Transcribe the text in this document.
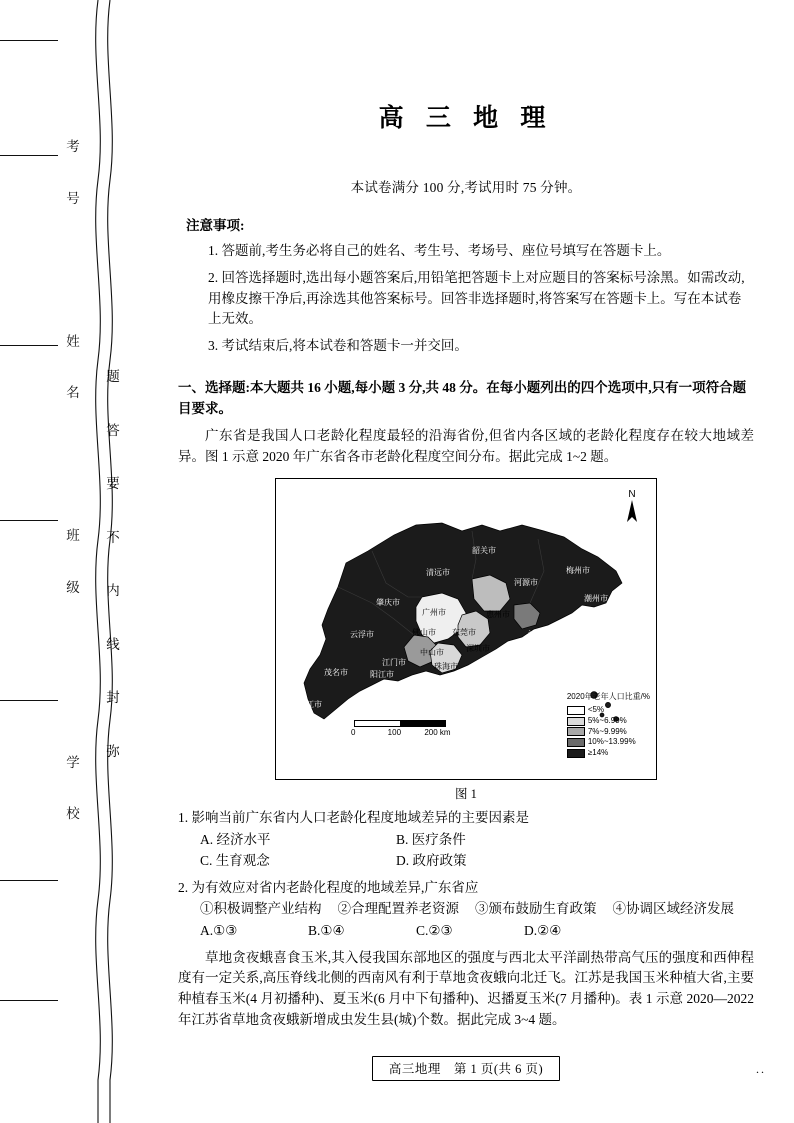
考
号

姓
名

班
级

学
校
题
答
要
不
内
线
封
弥
高 三 地 理
本试卷满分 100 分,考试用时 75 分钟。
注意事项:
1. 答题前,考生务必将自己的姓名、考生号、考场号、座位号填写在答题卡上。
2. 回答选择题时,选出每小题答案后,用铅笔把答题卡上对应题目的答案标号涂黑。如需改动,用橡皮擦干净后,再涂选其他答案标号。回答非选择题时,将答案写在答题卡上。写在本试卷上无效。
3. 考试结束后,将本试卷和答题卡一并交回。
一、选择题:本大题共 16 小题,每小题 3 分,共 48 分。在每小题列出的四个选项中,只有一项符合题目要求。
广东省是我国人口老龄化程度最轻的沿海省份,但省内各区域的老龄化程度存在较大地域差异。图 1 示意 2020 年广东省各市老龄化程度空间分布。据此完成 1~2 题。
韶关市
清远市
河源市
梅州市
潮州市
肇庆市
广州市	惠州市	揭阳市
汕头市
云浮市	佛山市 东莞市	汕尾市
中山市	深圳市
江门市	珠海市
茂名市	阳江市
湛江市
N
0	100	200 km
2020年老年人口比重/%
<5%
5%~6.99%
7%~9.99%
10%~13.99%
≥14%
图 1
1. 影响当前广东省内人口老龄化程度地域差异的主要因素是
A. 经济水平	B. 医疗条件
C. 生育观念	D. 政府政策
2. 为有效应对省内老龄化程度的地域差异,广东省应
①积极调整产业结构 ②合理配置养老资源 ③颁布鼓励生育政策 ④协调区域经济发展
A.①③	B.①④	C.②③	D.②④
草地贪夜蛾喜食玉米,其入侵我国东部地区的强度与西北太平洋副热带高气压的强度和西伸程度有一定关系,高压脊线北侧的西南风有利于草地贪夜蛾向北迁飞。江苏是我国玉米种植大省,主要种植春玉米(4 月初播种)、夏玉米(6 月中下旬播种)、迟播夏玉米(7 月播种)。表 1 示意 2020—2022 年江苏省草地贪夜蛾新增成虫发生县(城)个数。据此完成 3~4 题。
高三地理　第 1 页(共 6 页)	..
